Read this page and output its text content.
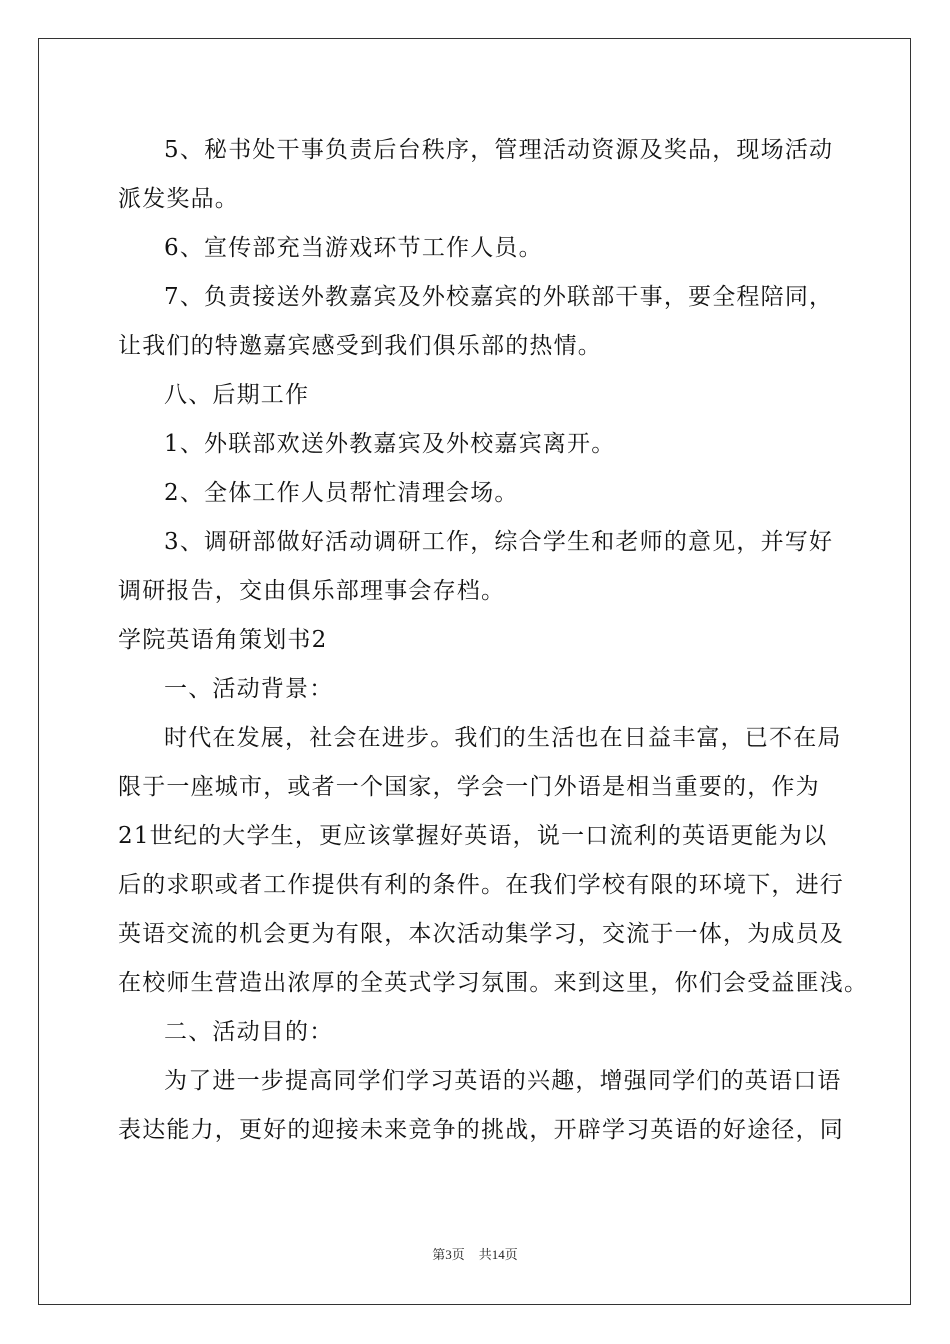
5、秘书处干事负责后台秩序，管理活动资源及奖品，现场活动
派发奖品。
6、宣传部充当游戏环节工作人员。
7、负责接送外教嘉宾及外校嘉宾的外联部干事，要全程陪同，
让我们的特邀嘉宾感受到我们俱乐部的热情。
八、后期工作
1、外联部欢送外教嘉宾及外校嘉宾离开。
2、全体工作人员帮忙清理会场。
3、调研部做好活动调研工作，综合学生和老师的意见，并写好
调研报告，交由俱乐部理事会存档。
学院英语角策划书2
一、活动背景：
时代在发展，社会在进步。我们的生活也在日益丰富，已不在局
限于一座城市，或者一个国家，学会一门外语是相当重要的，作为
21世纪的大学生，更应该掌握好英语，说一口流利的英语更能为以
后的求职或者工作提供有利的条件。在我们学校有限的环境下，进行
英语交流的机会更为有限，本次活动集学习，交流于一体，为成员及
在校师生营造出浓厚的全英式学习氛围。来到这里，你们会受益匪浅。
二、活动目的：
为了进一步提高同学们学习英语的兴趣，增强同学们的英语口语
表达能力，更好的迎接未来竞争的挑战，开辟学习英语的好途径，同
第3页 共14页
